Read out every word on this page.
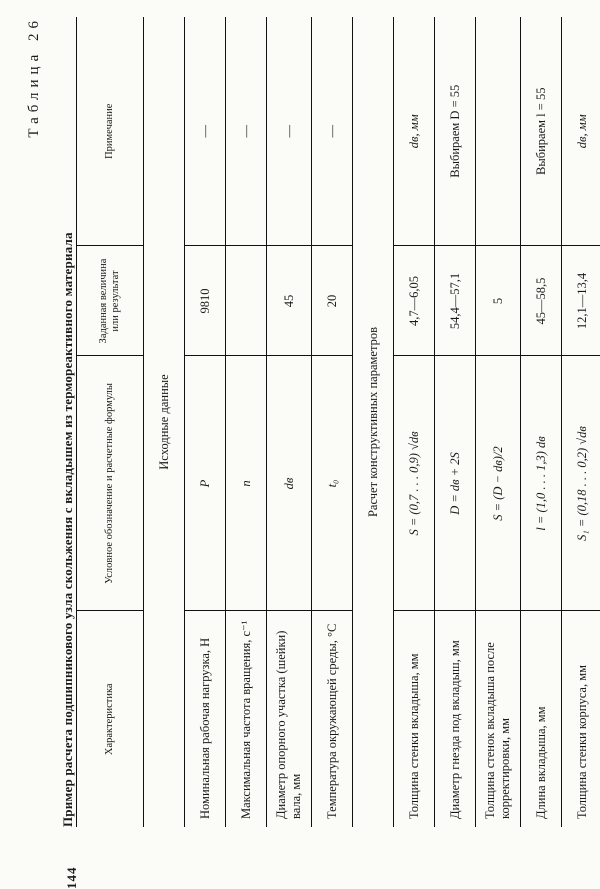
144
Таблица 26
Пример расчета подшипникового узла скольжения с вкладышем из термореактивного материала	Характеристика	Условное обозначение и расчетные формулы	Заданная величина или результат	Примечание
Исходные данные			
Номинальная рабочая нагрузка, H	P	9810	—
Максимальная частота вращения, с⁻¹	n		—
Диаметр опорного участка (шейки) вала, мм	dв	45	—
Температура окружающей среды, °С	t₀	20	—
Расчет конструктивных параметров			
Толщина стенки вкладыша, мм	S = (0,7 . . . 0,9) √dв	4,7—6,05	dв, мм
Диаметр гнезда под вкладыш, мм	D = dв + 2S	54,4—57,1	Выбираем D = 55
Толщина стенок вкладыша после корректировки, мм	S = (D − dв)/2	5	
Длина вкладыша, мм	l = (1,0 . . . 1,3) dв	45—58,5	Выбираем l = 55
Толщина стенки корпуса, мм	S₁ = (0,18 . . . 0,2) √dв	12,1—13,4	dв, мм
